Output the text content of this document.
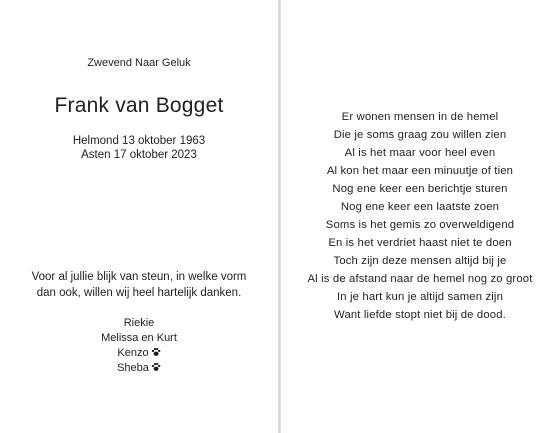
Zwevend Naar Geluk
Frank van Bogget
Helmond 13 oktober 1963
Asten 17 oktober 2023
Voor al jullie blijk van steun, in welke vorm
dan ook, willen wij heel hartelijk danken.
Riekie
Melissa en Kurt
Kenzo
Sheba
Er wonen mensen in de hemel
Die je soms graag zou willen zien
Al is het maar voor heel even
Al kon het maar een minuutje of tien
Nog ene keer een berichtje sturen
Nog ene keer een laatste zoen
Soms is het gemis zo overweldigend
En is het verdriet haast niet te doen
Toch zijn deze mensen altijd bij je
Al is de afstand naar de hemel nog zo groot
In je hart kun je altijd samen zijn
Want liefde stopt niet bij de dood.
